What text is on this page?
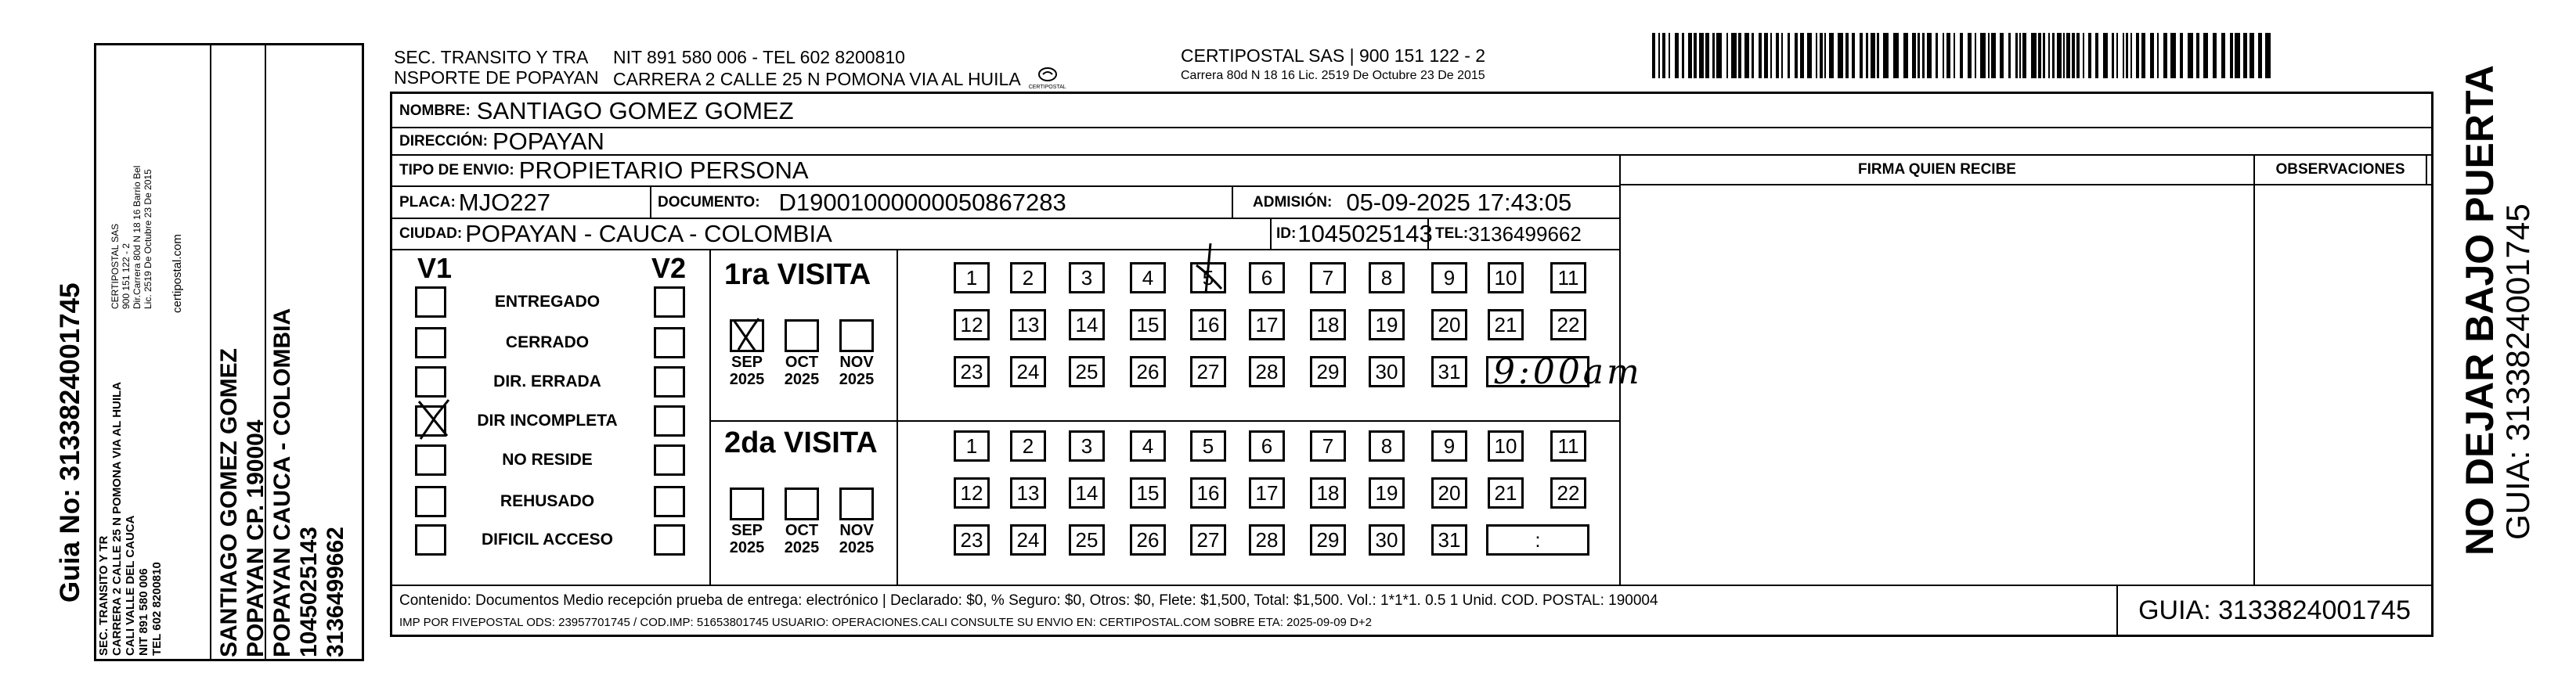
Guia No: 3133824001745 SEC. TRANSITO Y TR CARRERA 2 CALLE 25 N POMONA VIA AL HUILA CALI VALLE DEL CAUCA NIT 891 580 006 TEL 602 8200810
CERTIPOSTAL SAS 900 151 122 - 2 Dir.Carrera 80d N 18 16 Barrio Bel Lic. 2519 De Octubre 23 De 2015 certipostal.com
SANTIAGO GOMEZ GOMEZ POPAYAN CP. 190004 POPAYAN CAUCA - COLOMBIA 1045025143 3136499662
SEC. TRANSITO Y TRA
NSPORTE DE POPAYAN
NIT 891 580 006 - TEL 602 8200810
CARRERA 2 CALLE 25 N POMONA VIA AL HUILA CERTIPOSTAL
CERTIPOSTAL SAS | 900 151 122 - 2
Carrera 80d N 18 16 Lic. 2519 De Octubre 23 De 2015
NOMBRE: SANTIAGO GOMEZ GOMEZ
DIRECCIÓN: POPAYAN
TIPO DE ENVIO: PROPIETARIO PERSONA	FIRMA QUIEN RECIBE	OBSERVACIONES
PLACA: MJO227	DOCUMENTO: D19001000000050867283	ADMISIÓN: 05-09-2025 17:43:05
CIUDAD: POPAYAN - CAUCA - COLOMBIA	ID: 1045025143 TEL: 3136499662
V1	V2
ENTREGADO
CERRADO
DIR. ERRADA
DIR INCOMPLETA
NO RESIDE
REHUSADO
DIFICIL ACCESO
1ra VISITA
SEP
2025
OCT
2025
NOV
2025
1	2	3	4	5	6	7	8	9	10	11
12	13	14	15	16	17	18	19	20	21	22
23	24	25	26	27	28	29	30	31 9:00am
2da VISITA
SEP
2025
OCT
2025
NOV
2025
1	2	3	4	5	6	7	8	9	10	11
12	13	14	15	16	17	18	19	20	21	22
23	24	25	26	27	28	29	30	31	:
Contenido: Documentos Medio recepción prueba de entrega: electrónico | Declarado: $0, % Seguro: $0, Otros: $0, Flete: $1,500, Total: $1,500. Vol.: 1*1*1. 0.5 1 Unid. COD. POSTAL: 190004
IMP POR FIVEPOSTAL ODS: 23957701745 / COD.IMP: 51653801745 USUARIO: OPERACIONES.CALI CONSULTE SU ENVIO EN: CERTIPOSTAL.COM SOBRE ETA: 2025-09-09 D+2	GUIA: 3133824001745
NO DEJAR BAJO PUERTA
GUIA: 3133824001745
